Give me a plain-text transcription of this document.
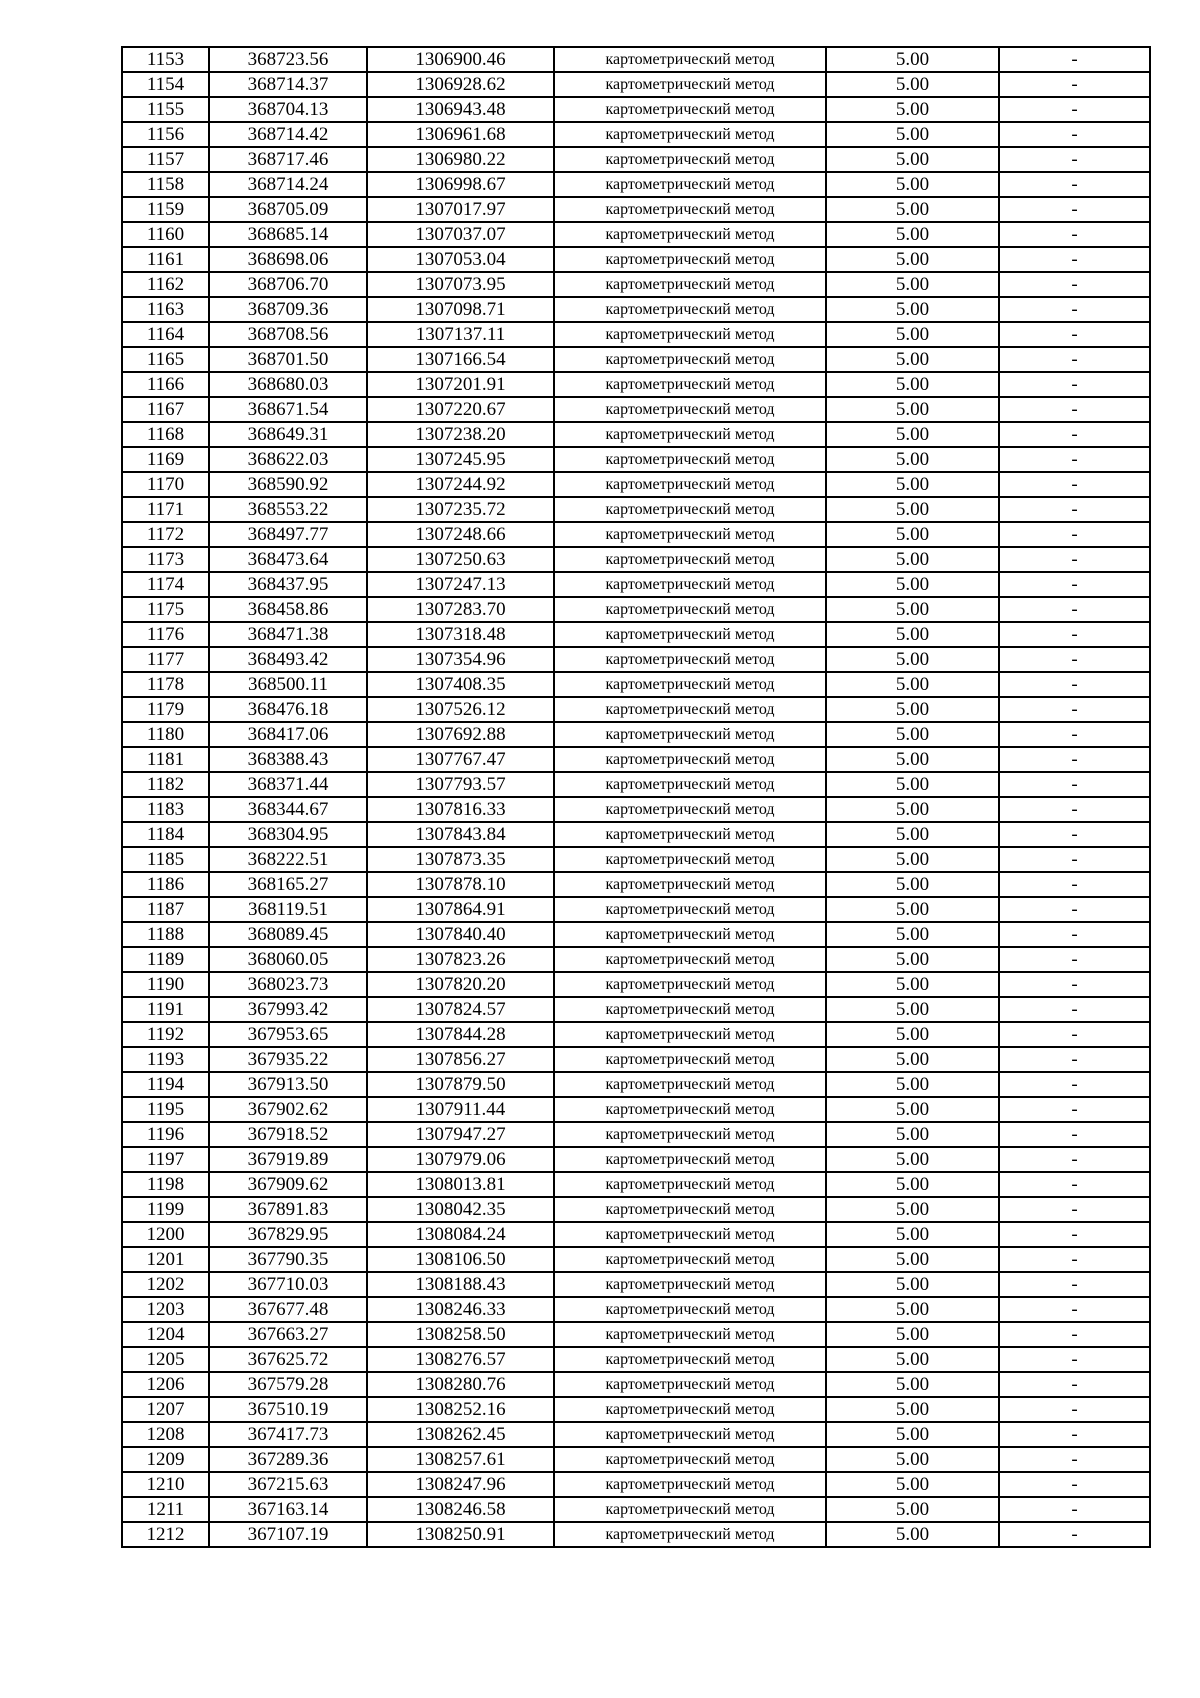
1153	368723.56	1306900.46	картометрический метод	5.00	-
1154	368714.37	1306928.62	картометрический метод	5.00	-
1155	368704.13	1306943.48	картометрический метод	5.00	-
1156	368714.42	1306961.68	картометрический метод	5.00	-
1157	368717.46	1306980.22	картометрический метод	5.00	-
1158	368714.24	1306998.67	картометрический метод	5.00	-
1159	368705.09	1307017.97	картометрический метод	5.00	-
1160	368685.14	1307037.07	картометрический метод	5.00	-
1161	368698.06	1307053.04	картометрический метод	5.00	-
1162	368706.70	1307073.95	картометрический метод	5.00	-
1163	368709.36	1307098.71	картометрический метод	5.00	-
1164	368708.56	1307137.11	картометрический метод	5.00	-
1165	368701.50	1307166.54	картометрический метод	5.00	-
1166	368680.03	1307201.91	картометрический метод	5.00	-
1167	368671.54	1307220.67	картометрический метод	5.00	-
1168	368649.31	1307238.20	картометрический метод	5.00	-
1169	368622.03	1307245.95	картометрический метод	5.00	-
1170	368590.92	1307244.92	картометрический метод	5.00	-
1171	368553.22	1307235.72	картометрический метод	5.00	-
1172	368497.77	1307248.66	картометрический метод	5.00	-
1173	368473.64	1307250.63	картометрический метод	5.00	-
1174	368437.95	1307247.13	картометрический метод	5.00	-
1175	368458.86	1307283.70	картометрический метод	5.00	-
1176	368471.38	1307318.48	картометрический метод	5.00	-
1177	368493.42	1307354.96	картометрический метод	5.00	-
1178	368500.11	1307408.35	картометрический метод	5.00	-
1179	368476.18	1307526.12	картометрический метод	5.00	-
1180	368417.06	1307692.88	картометрический метод	5.00	-
1181	368388.43	1307767.47	картометрический метод	5.00	-
1182	368371.44	1307793.57	картометрический метод	5.00	-
1183	368344.67	1307816.33	картометрический метод	5.00	-
1184	368304.95	1307843.84	картометрический метод	5.00	-
1185	368222.51	1307873.35	картометрический метод	5.00	-
1186	368165.27	1307878.10	картометрический метод	5.00	-
1187	368119.51	1307864.91	картометрический метод	5.00	-
1188	368089.45	1307840.40	картометрический метод	5.00	-
1189	368060.05	1307823.26	картометрический метод	5.00	-
1190	368023.73	1307820.20	картометрический метод	5.00	-
1191	367993.42	1307824.57	картометрический метод	5.00	-
1192	367953.65	1307844.28	картометрический метод	5.00	-
1193	367935.22	1307856.27	картометрический метод	5.00	-
1194	367913.50	1307879.50	картометрический метод	5.00	-
1195	367902.62	1307911.44	картометрический метод	5.00	-
1196	367918.52	1307947.27	картометрический метод	5.00	-
1197	367919.89	1307979.06	картометрический метод	5.00	-
1198	367909.62	1308013.81	картометрический метод	5.00	-
1199	367891.83	1308042.35	картометрический метод	5.00	-
1200	367829.95	1308084.24	картометрический метод	5.00	-
1201	367790.35	1308106.50	картометрический метод	5.00	-
1202	367710.03	1308188.43	картометрический метод	5.00	-
1203	367677.48	1308246.33	картометрический метод	5.00	-
1204	367663.27	1308258.50	картометрический метод	5.00	-
1205	367625.72	1308276.57	картометрический метод	5.00	-
1206	367579.28	1308280.76	картометрический метод	5.00	-
1207	367510.19	1308252.16	картометрический метод	5.00	-
1208	367417.73	1308262.45	картометрический метод	5.00	-
1209	367289.36	1308257.61	картометрический метод	5.00	-
1210	367215.63	1308247.96	картометрический метод	5.00	-
1211	367163.14	1308246.58	картометрический метод	5.00	-
1212	367107.19	1308250.91	картометрический метод	5.00	-
